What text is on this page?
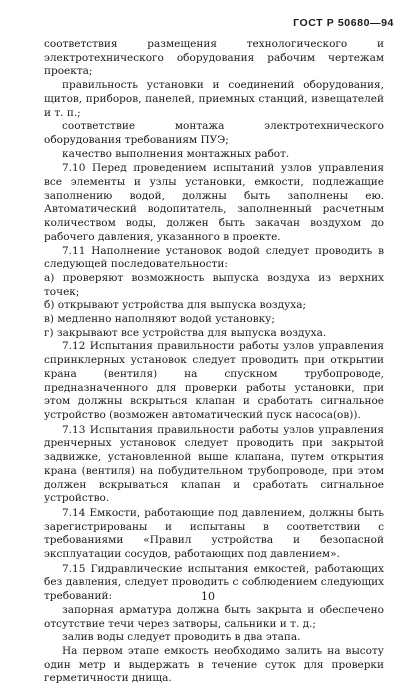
ГОСТ Р 50680—94

соответствия размещения технологического и электротехнического оборудования рабочим чертежам проекта;

правильность установки и соединений оборудования, щитов, приборов, панелей, приемных станций, извещателей и т. п.;

соответствие монтажа электротехнического оборудования требованиям ПУЭ;

качество выполнения монтажных работ.

7.10 Перед проведением испытаний узлов управления все элементы и узлы установки, емкости, подлежащие заполнению водой, должны быть заполнены ею. Автоматический водопитатель, заполненный расчетным количеством воды, должен быть закачан воздухом до рабочего давления, указанного в проекте.

7.11 Наполнение установок водой следует проводить в следующей последовательности:

а) проверяют возможность выпуска воздуха из верхних точек;

б) открывают устройства для выпуска воздуха;

в) медленно наполняют водой установку;

г) закрывают все устройства для выпуска воздуха.

7.12 Испытания правильности работы узлов управления спринклерных установок следует проводить при открытии крана (вентиля) на спускном трубопроводе, предназначенного для проверки работы установки, при этом должны вскрыться клапан и сработать сигнальное устройство (возможен автоматический пуск насоса(ов)).

7.13 Испытания правильности работы узлов управления дренчерных установок следует проводить при закрытой задвижке, установленной выше клапана, путем открытия крана (вентиля) на побудительном трубопроводе, при этом должен вскрываться клапан и сработать сигнальное устройство.

7.14 Емкости, работающие под давлением, должны быть зарегистрированы и испытаны в соответствии с требованиями «Правил устройства и безопасной эксплуатации сосудов, работающих под давлением».

7.15 Гидравлические испытания емкостей, работающих без давления, следует проводить с соблюдением следующих требований:

запорная арматура должна быть закрыта и обеспечено отсутствие течи через затворы, сальники и т. д.;

залив воды следует проводить в два этапа.

На первом этапе емкость необходимо залить на высоту один метр и выдержать в течение суток для проверки герметичности днища.

10
